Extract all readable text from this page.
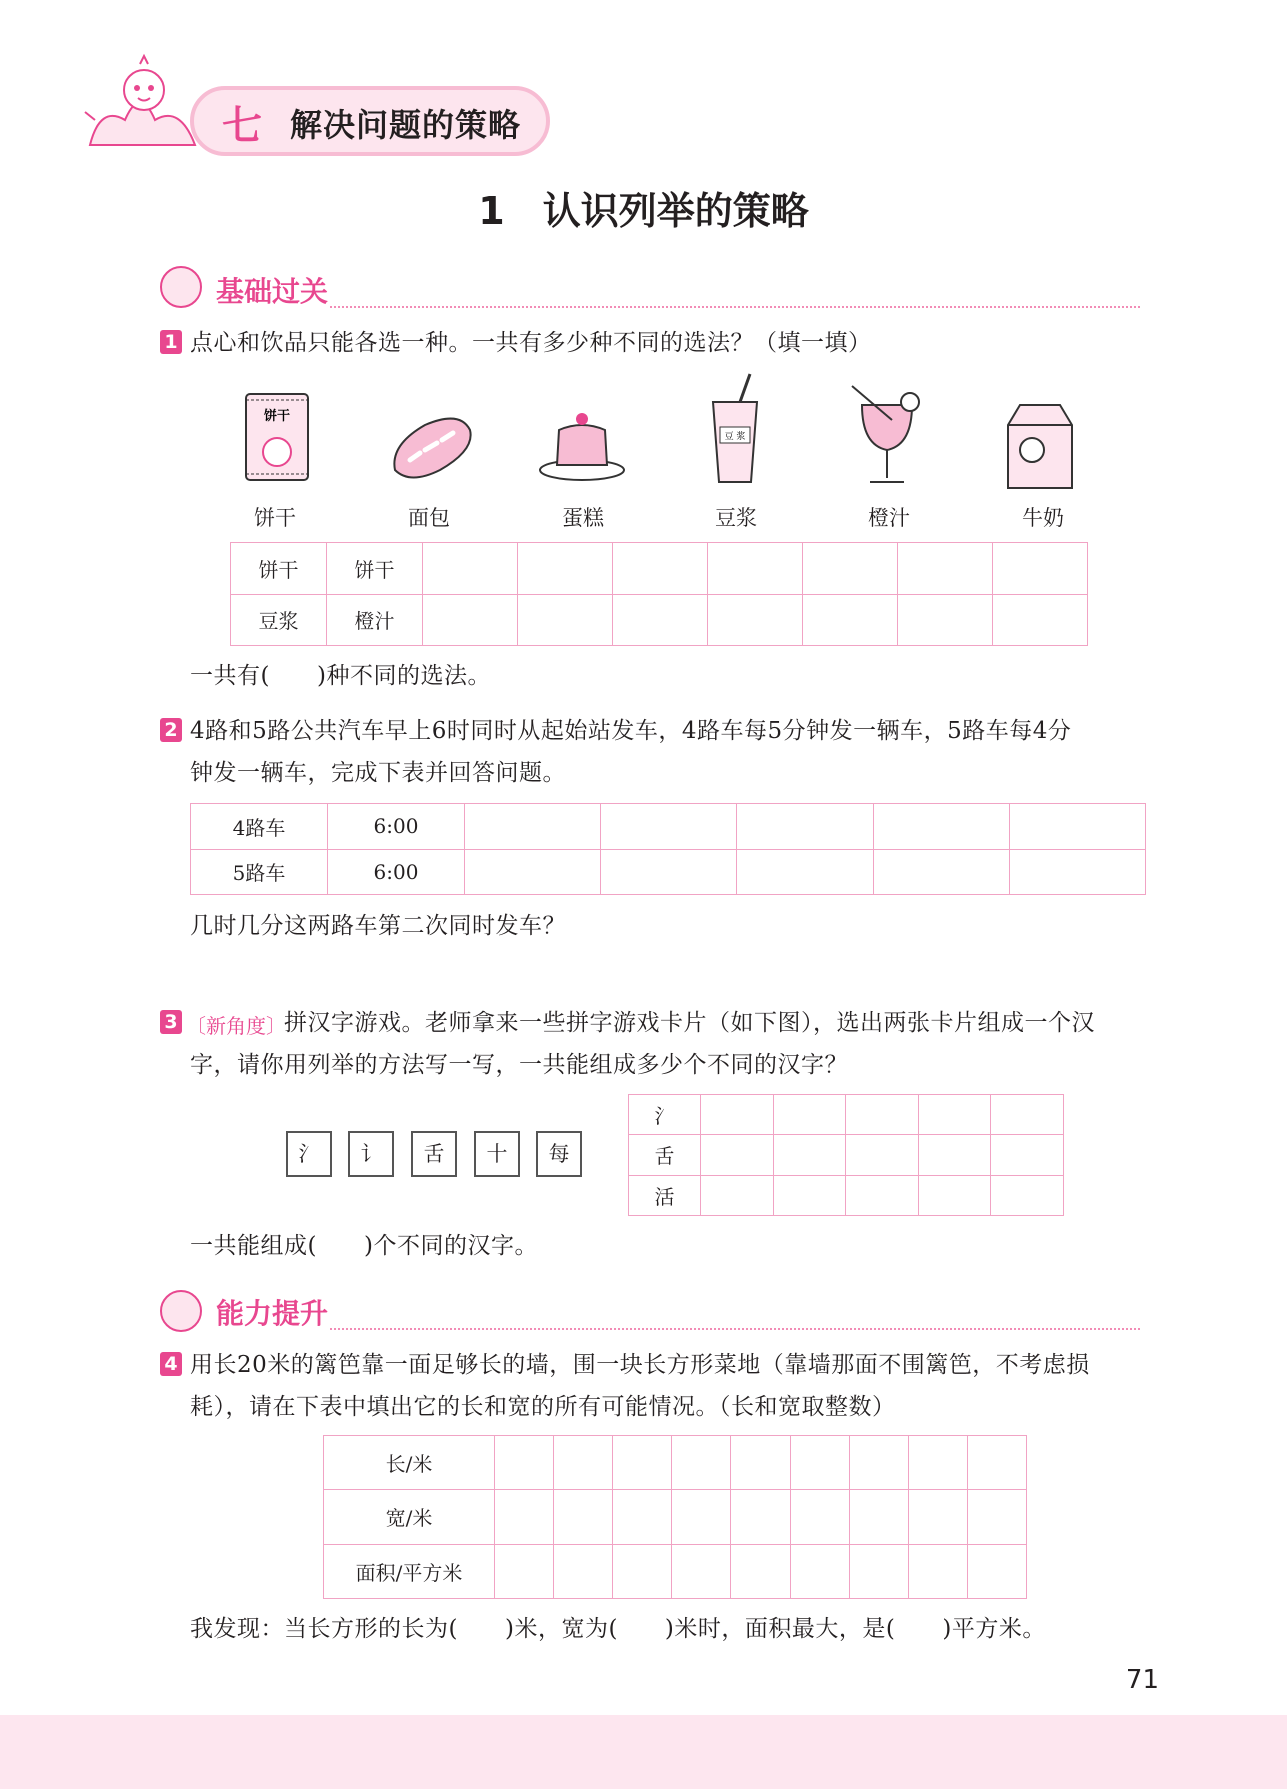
七 解决问题的策略
1　认识列举的策略
基础过关
1 点心和饮品只能各选一种。一共有多少种不同的选法？（填一填）
饼干
豆 浆
饼干	面包	蛋糕	豆浆	橙汁	牛奶
饼干	饼干							
豆浆	橙汁							
一共有(　　)种不同的选法。
2 4路和5路公共汽车早上6时同时从起始站发车，4路车每5分钟发一辆车，5路车每4分
钟发一辆车，完成下表并回答问题。
4路车	6:00					
5路车	6:00					
几时几分这两路车第二次同时发车？
3 〔新角度〕
拼汉字游戏。老师拿来一些拼字游戏卡片（如下图），选出两张卡片组成一个汉
字，请你用列举的方法写一写，一共能组成多少个不同的汉字？
氵	讠	舌	十	每
氵					
舌					
活					
一共能组成(　　)个不同的汉字。
能力提升
4 用长20米的篱笆靠一面足够长的墙，围一块长方形菜地（靠墙那面不围篱笆，不考虑损
耗），请在下表中填出它的长和宽的所有可能情况。（长和宽取整数）
长/米									
宽/米									
面积/平方米									
我发现：当长方形的长为(　　)米，宽为(　　)米时，面积最大，是(　　)平方米。
71
